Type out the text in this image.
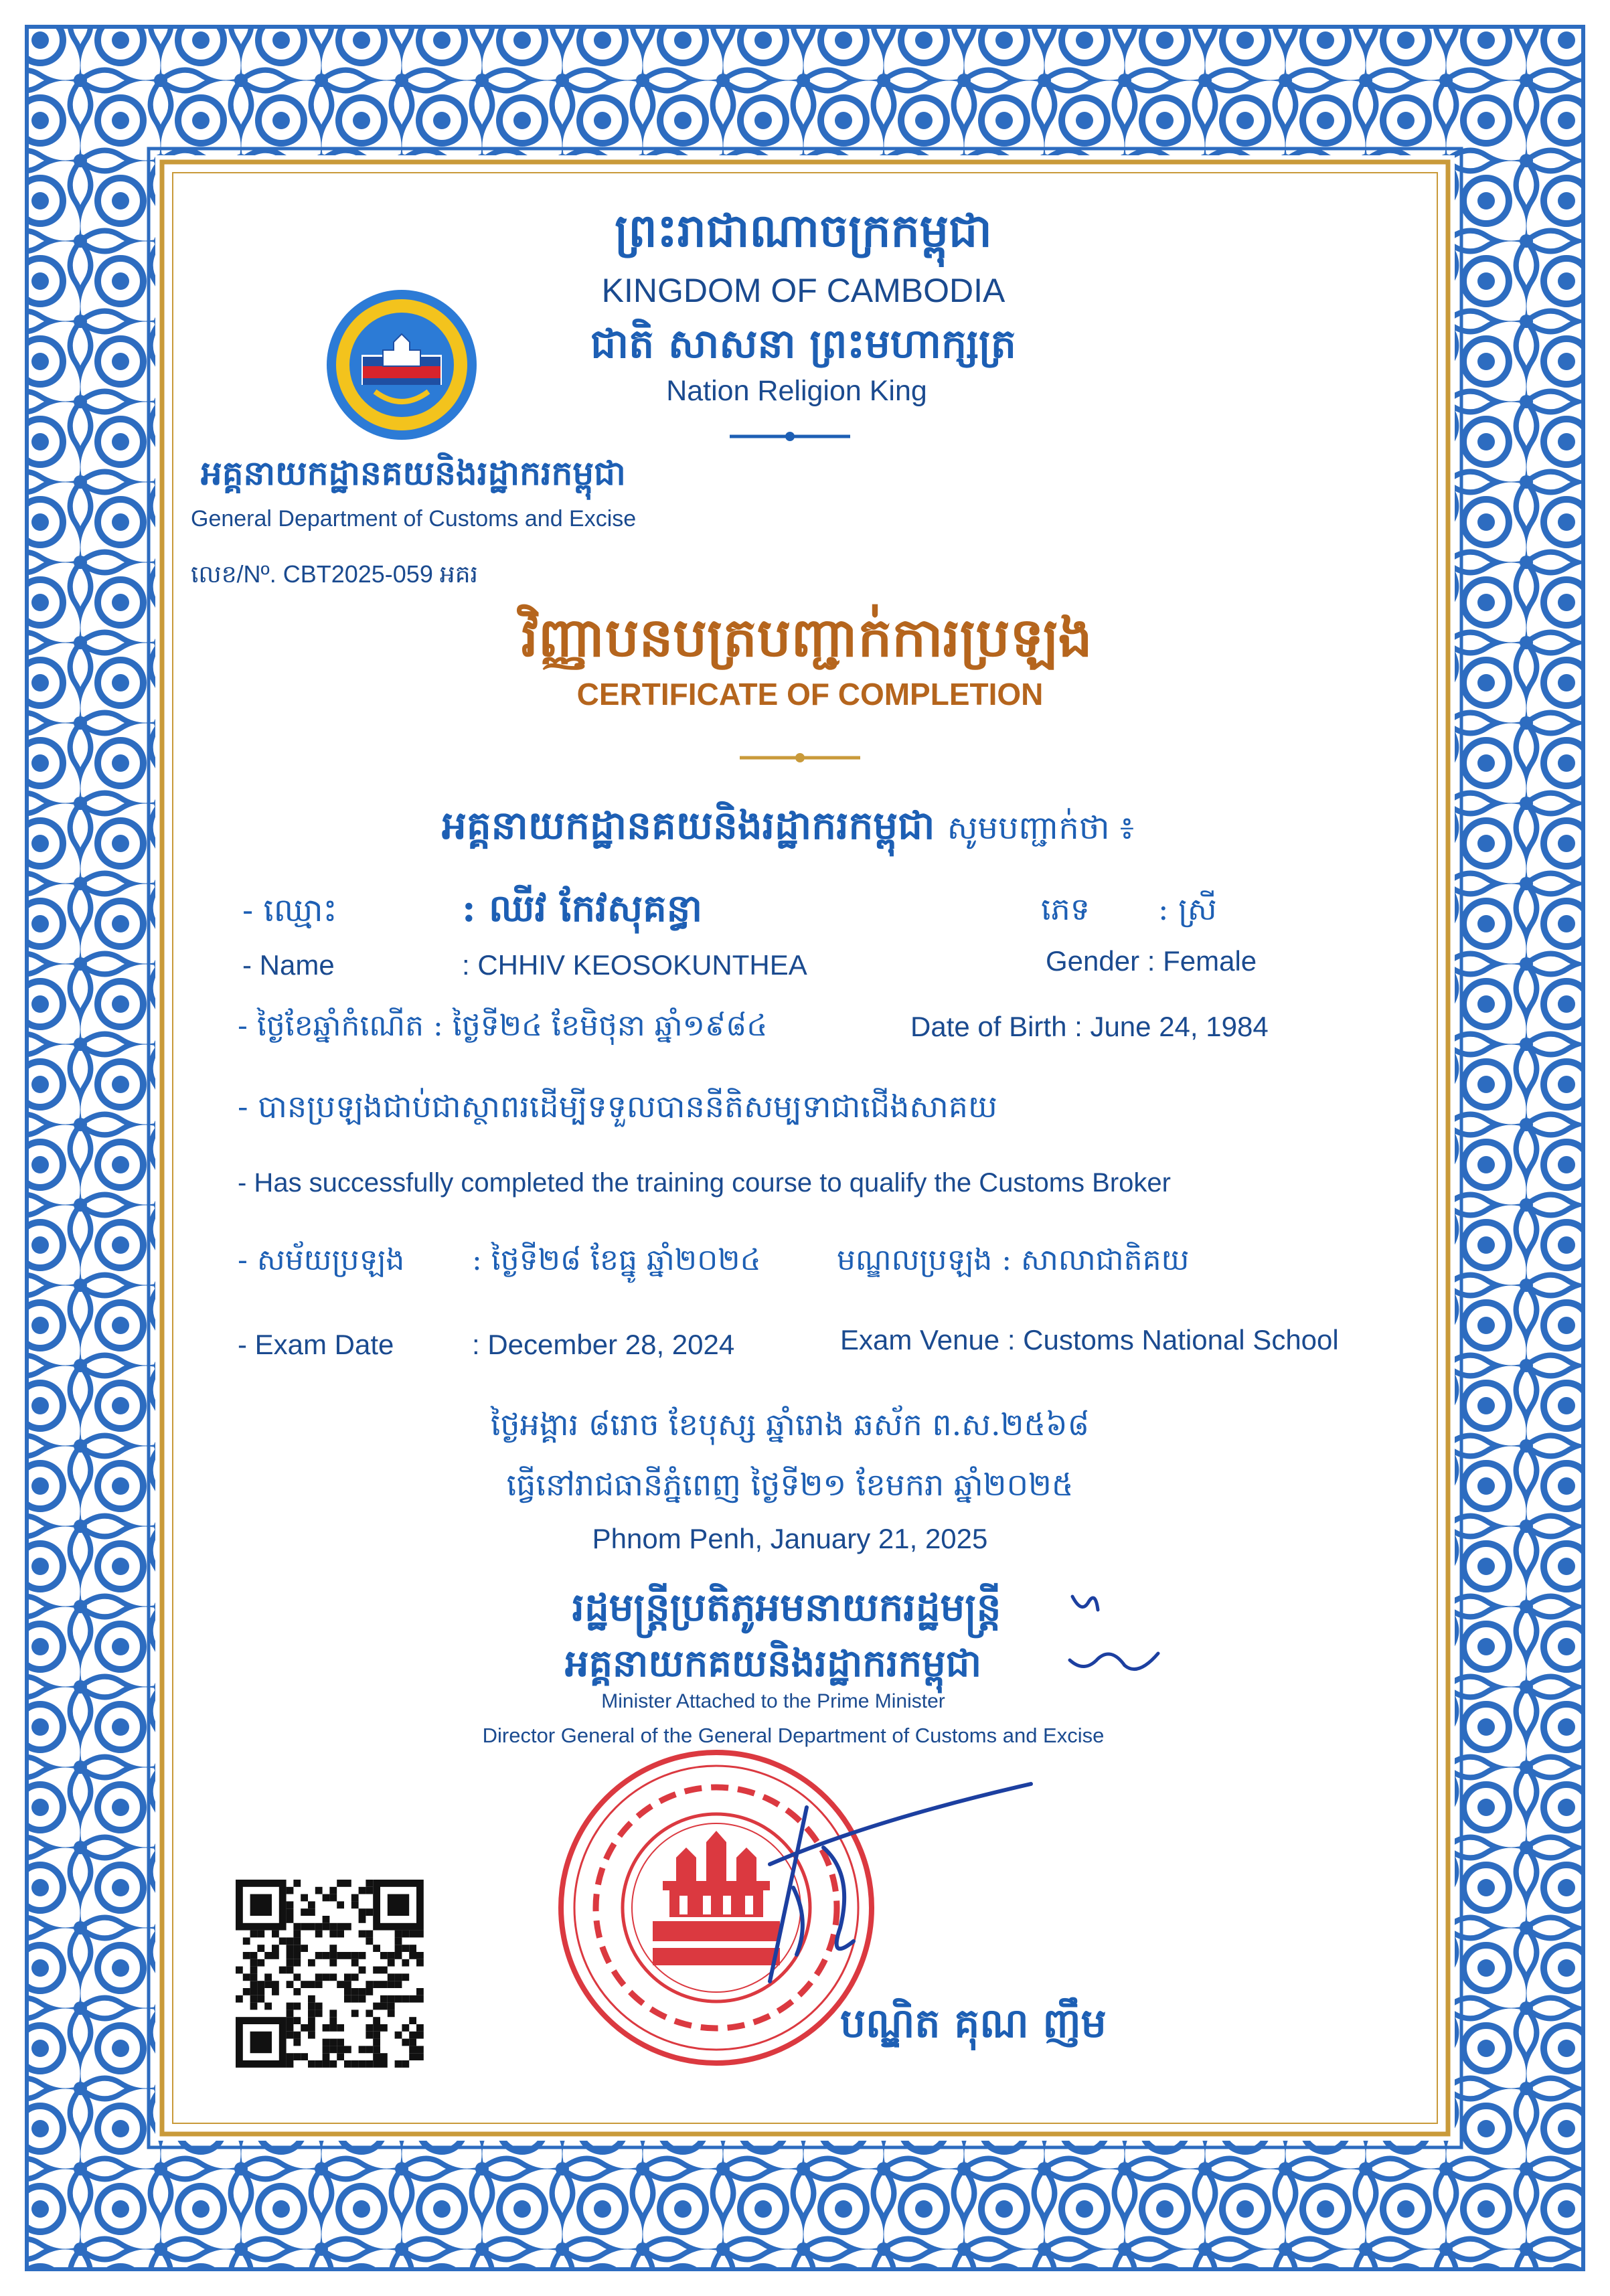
ព្រះរាជាណាចក្រកម្ពុជា
KINGDOM OF CAMBODIA
ជាតិ សាសនា ព្រះមហាក្សត្រ
Nation Religion King
អគ្គនាយកដ្ឋានគយនិងរដ្ឋាករកម្ពុជា
General Department of Customs and Excise
លេខ/Nº. CBT2025-059 អគរ
វិញ្ញាបនបត្របញ្ជាក់ការប្រឡង
CERTIFICATE OF COMPLETION
អគ្គនាយកដ្ឋានគយនិងរដ្ឋាករកម្ពុជា សូមបញ្ជាក់ថា ៖
- ឈ្មោះ	: ឈីវ កែវសុគន្ធា	ភេទ : ស្រី
- Name	: CHHIV KEOSOKUNTHEA	Gender : Female
- ថ្ងៃខែឆ្នាំកំណើត : ថ្ងៃទី២៤ ខែមិថុនា ឆ្នាំ១៩៨៤	Date of Birth : June 24, 1984
- បានប្រឡងជាប់ជាស្ថាពរដើម្បីទទួលបាននីតិសម្បទាជាជើងសាគយ
- Has successfully completed the training course to qualify the Customs Broker
- សម័យប្រឡង : ថ្ងៃទី២៨ ខែធ្នូ ឆ្នាំ២០២៤	មណ្ឌលប្រឡង : សាលាជាតិគយ
- Exam Date	: December 28, 2024	Exam Venue : Customs National School
ថ្ងៃអង្គារ ៨រោច ខែបុស្ស ឆ្នាំរោង ឆស័ក ព.ស.២៥៦៨
ធ្វើនៅរាជធានីភ្នំពេញ ថ្ងៃទី២១ ខែមករា ឆ្នាំ២០២៥
Phnom Penh, January 21, 2025
រដ្ឋមន្ត្រីប្រតិភូអមនាយករដ្ឋមន្ត្រី
អគ្គនាយកគយនិងរដ្ឋាករកម្ពុជា
Minister Attached to the Prime Minister
Director General of the General Department of Customs and Excise
បណ្ឌិត គុណ ញឹម
